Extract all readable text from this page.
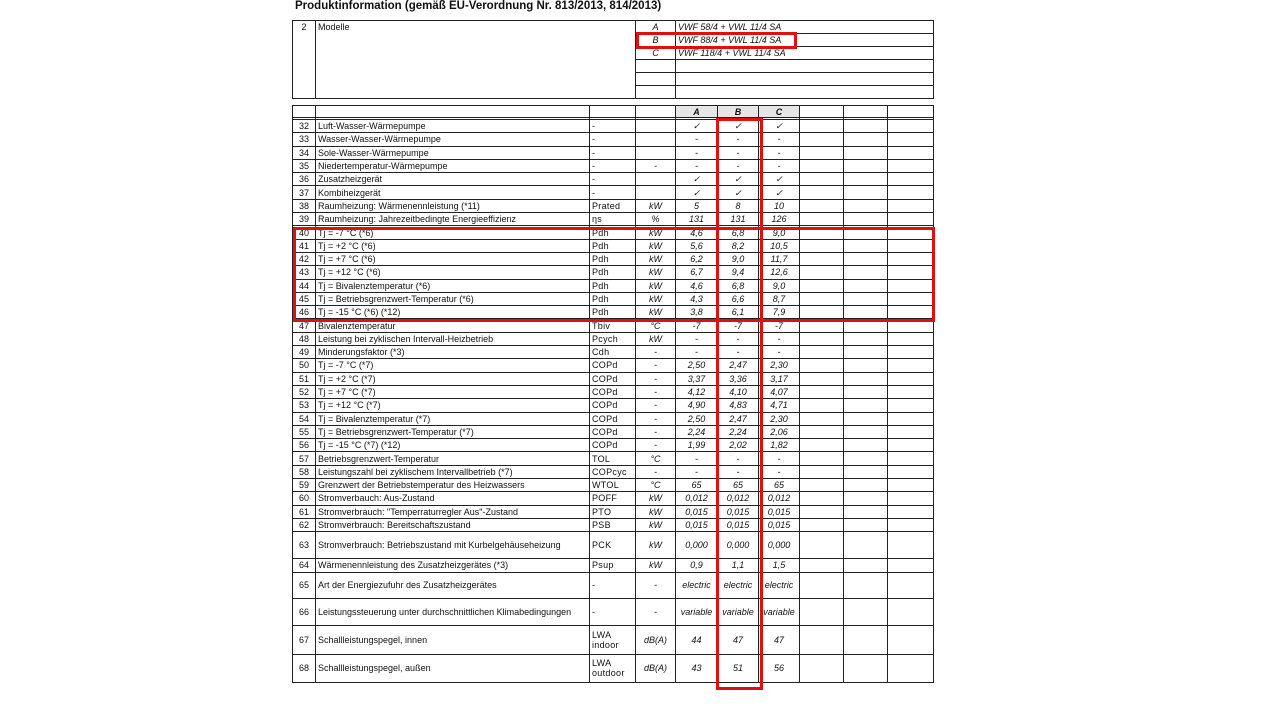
Produktinformation (gemäß EU-Verordnung Nr. 813/2013, 814/2013)
2	Modelle	A	VWF 58/4 + VWL 11/4 SA
		B	VWF 88/4 + VWL 11/4 SA
		C	VWF 118/4 + VWL 11/4 SA

				A	B	C			

32	Luft-Wasser-Wärmepumpe	-		✓	✓	✓			
33	Wasser-Wasser-Wärmepumpe	-		-	-	-			
34	Sole-Wasser-Wärmepumpe	-		-	-	-			
35	Niedertemperatur-Wärmepumpe	-	-	-	-	-			
36	Zusatzheizgerät	-		✓	✓	✓			
37	Kombiheizgerät	-		✓	✓	✓			
38	Raumheizung: Wärmenennleistung (*11)	Prated	kW	5	8	10			
39	Raumheizung: Jahrezeitbedingte Energieeffizienz	ηs	%	131	131	126			
40	Tj = -7 °C (*6)	Pdh	kW	4,6	6,8	9,0			
41	Tj = +2 °C (*6)	Pdh	kW	5,6	8,2	10,5			
42	Tj = +7 °C (*6)	Pdh	kW	6,2	9,0	11,7			
43	Tj = +12 °C (*6)	Pdh	kW	6,7	9,4	12,6			
44	Tj = Bivalenztemperatur (*6)	Pdh	kW	4,6	6,8	9,0			
45	Tj = Betriebsgrenzwert-Temperatur (*6)	Pdh	kW	4,3	6,6	8,7			
46	Tj = -15 °C (*6) (*12)	Pdh	kW	3,8	6,1	7,9			
47	Bivalenztemperatur	Tbiv	°C	-7	-7	-7			
48	Leistung bei zyklischen Intervall-Heizbetrieb	Pcych	kW	-	-	-			
49	Minderungsfaktor (*3)	Cdh	-	-	-	-			
50	Tj = -7 °C (*7)	COPd	-	2,50	2,47	2,30			
51	Tj = +2 °C (*7)	COPd	-	3,37	3,36	3,17			
52	Tj = +7 °C (*7)	COPd	-	4,12	4,10	4,07			
53	Tj = +12 °C (*7)	COPd	-	4,90	4,83	4,71			
54	Tj = Bivalenztemperatur (*7)	COPd	-	2,50	2,47	2,30			
55	Tj = Betriebsgrenzwert-Temperatur (*7)	COPd	-	2,24	2,24	2,06			
56	Tj = -15 °C (*7) (*12)	COPd	-	1,99	2,02	1,82			
57	Betriebsgrenzwert-Temperatur	TOL	°C	-	-	-			
58	Leistungszahl bei zyklischem Intervallbetrieb (*7)	COPcyc	-	-	-	-			
59	Grenzwert der Betriebstemperatur des Heizwassers	WTOL	°C	65	65	65			
60	Stromverbauch: Aus-Zustand	POFF	kW	0,012	0,012	0,012			
61	Stromverbrauch: "Temperraturregler Aus"-Zustand	PTO	kW	0,015	0,015	0,015			
62	Stromverbrauch: Bereitschaftszustand	PSB	kW	0,015	0,015	0,015			
63	Stromverbrauch: Betriebszustand mit Kurbelgehäuseheizung	PCK	kW	0,000	0,000	0,000			
64	Wärmenennleistung des Zusatzheizgerätes (*3)	Psup	kW	0,9	1,1	1,5			
65	Art der Energiezufuhr des Zusatzheizgerätes	-	-	electric	electric	electric			
66	Leistungssteuerung unter durchschnittlichen Klimabedingungen	-	-	variable	variable	variable			
67	Schallleistungspegel, innen	LWA indoor	dB(A)	44	47	47			
68	Schallleistungspegel, außen	LWA outdoor	dB(A)	43	51	56			
